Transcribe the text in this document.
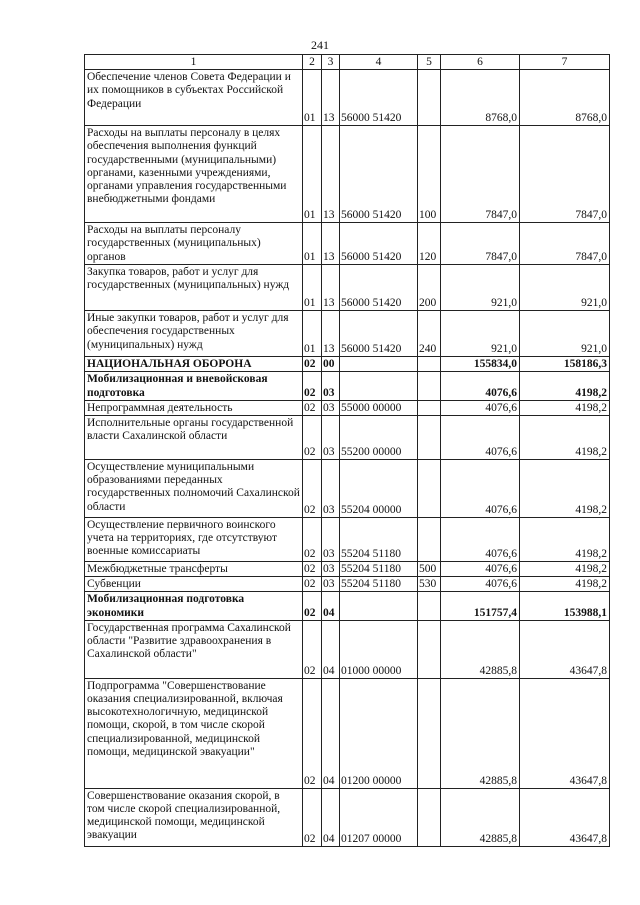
241
1	2	3	4	5	6	7
Обеспечение членов Совета Федерации и их помощников в субъектах Российской Федерации	01	13	56000 51420		8768,0	8768,0
Расходы на выплаты персоналу в целях обеспечения выполнения функций государственными (муниципальными) органами, казенными учреждениями, органами управления государственными внебюджетными фондами	01	13	56000 51420	100	7847,0	7847,0
Расходы на выплаты персоналу государственных (муниципальных) органов	01	13	56000 51420	120	7847,0	7847,0
Закупка товаров, работ и услуг для государственных (муниципальных) нужд	01	13	56000 51420	200	921,0	921,0
Иные закупки товаров, работ и услуг для обеспечения государственных (муниципальных) нужд	01	13	56000 51420	240	921,0	921,0
НАЦИОНАЛЬНАЯ ОБОРОНА	02	00			155834,0	158186,3
Мобилизационная и вневойсковая подготовка	02	03			4076,6	4198,2
Непрограммная деятельность	02	03	55000 00000		4076,6	4198,2
Исполнительные органы государственной власти Сахалинской области	02	03	55200 00000		4076,6	4198,2
Осуществление муниципальными образованиями переданных государственных полномочий Сахалинской области	02	03	55204 00000		4076,6	4198,2
Осуществление первичного воинского учета на территориях, где отсутствуют военные комиссариаты	02	03	55204 51180		4076,6	4198,2
Межбюджетные трансферты	02	03	55204 51180	500	4076,6	4198,2
Субвенции	02	03	55204 51180	530	4076,6	4198,2
Мобилизационная подготовка экономики	02	04			151757,4	153988,1
Государственная программа Сахалинской области "Развитие здравоохранения в Сахалинской области"	02	04	01000 00000		42885,8	43647,8
Подпрограмма "Совершенствование оказания специализированной, включая высокотехнологичную, медицинской помощи, скорой, в том числе скорой специализированной, медицинской помощи, медицинской эвакуации"	02	04	01200 00000		42885,8	43647,8
Совершенствование оказания скорой, в том числе скорой специализированной, медицинской помощи, медицинской эвакуации	02	04	01207 00000		42885,8	43647,8
